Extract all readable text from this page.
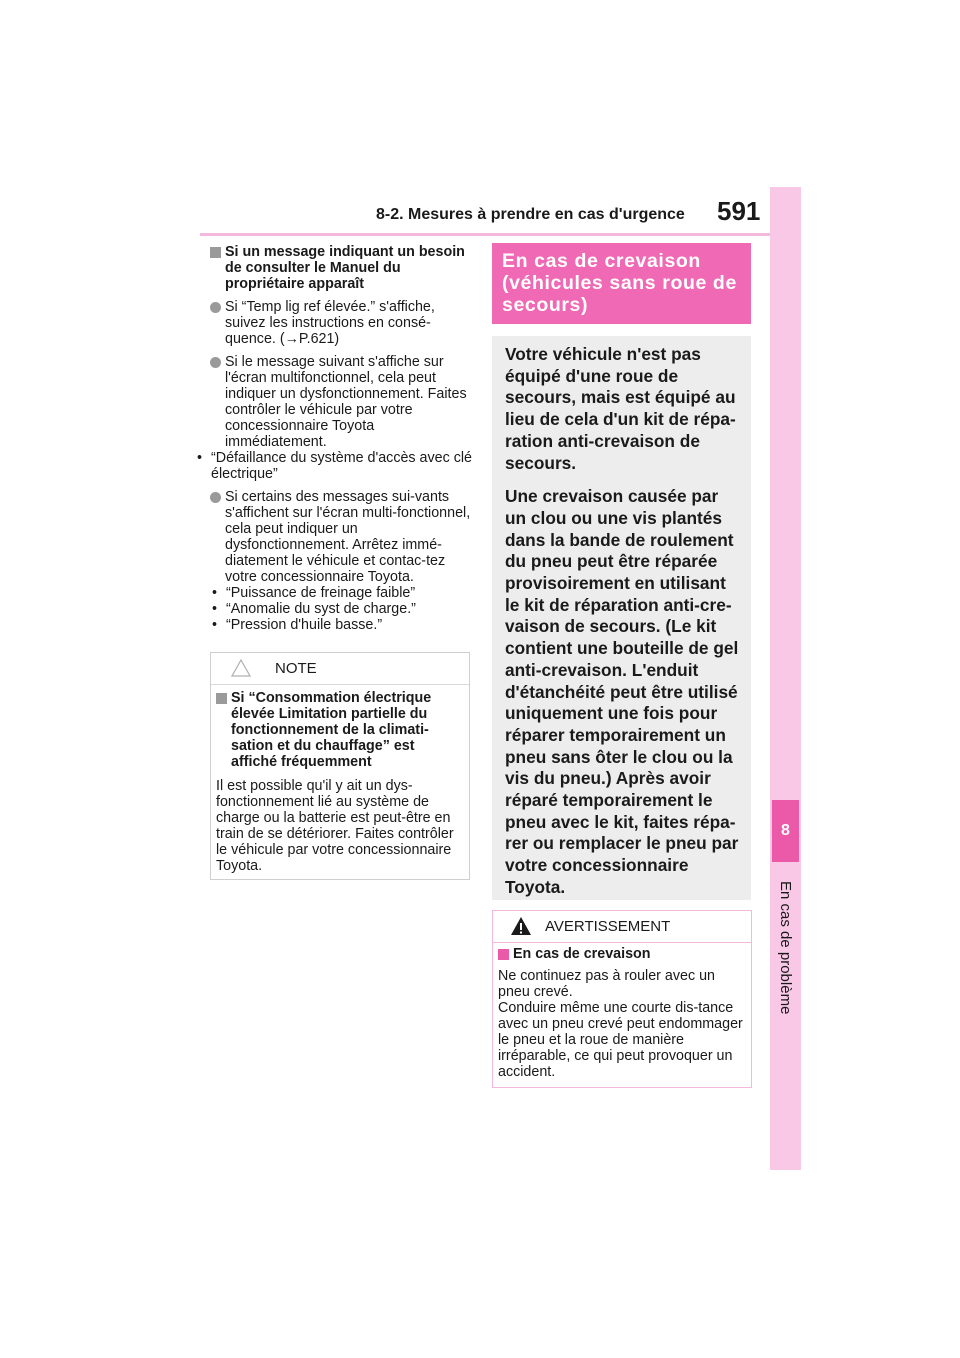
8-2. Mesures à prendre en cas d'urgence 591
8
En cas de problème
Si un message indiquant un besoin de consulter le Manuel du propriétaire apparaît
Si “Temp lig ref élevée.” s'affiche, suivez les instructions en consé-quence. (→P.621)
Si le message suivant s'affiche sur l'écran multifonctionnel, cela peut indiquer un dysfonctionnement. Faites contrôler le véhicule par votre concessionnaire Toyota immédiatement.
• “Défaillance du système d'accès avec clé électrique”
Si certains des messages sui-vants s'affichent sur l'écran multi-fonctionnel, cela peut indiquer un dysfonctionnement. Arrêtez immé-diatement le véhicule et contac-tez votre concessionnaire Toyota.
• “Puissance de freinage faible”
• “Anomalie du syst de charge.”
• “Pression d'huile basse.”
NOTE
Si “Consommation électrique élevée Limitation partielle du fonctionnement de la climati-sation et du chauffage” est affiché fréquemment
Il est possible qu'il y ait un dys-fonctionnement lié au système de charge ou la batterie est peut-être en train de se détériorer. Faites contrôler le véhicule par votre concessionnaire Toyota.
En cas de crevaison (véhicules sans roue de secours)

Votre véhicule n'est pas équipé d'une roue de secours, mais est équipé au lieu de cela d'un kit de répa-ration anti-crevaison de secours.

Une crevaison causée par un clou ou une vis plantés dans la bande de roulement du pneu peut être réparée provisoirement en utilisant le kit de réparation anti-cre-vaison de secours. (Le kit contient une bouteille de gel anti-crevaison. L'enduit d'étanchéité peut être utilisé uniquement une fois pour réparer temporairement un pneu sans ôter le clou ou la vis du pneu.) Après avoir réparé temporairement le pneu avec le kit, faites répa-rer ou remplacer le pneu par votre concessionnaire Toyota.

AVERTISSEMENT
En cas de crevaison
Ne continuez pas à rouler avec un pneu crevé.
Conduire même une courte dis-tance avec un pneu crevé peut endommager le pneu et la roue de manière irréparable, ce qui peut provoquer un accident.
